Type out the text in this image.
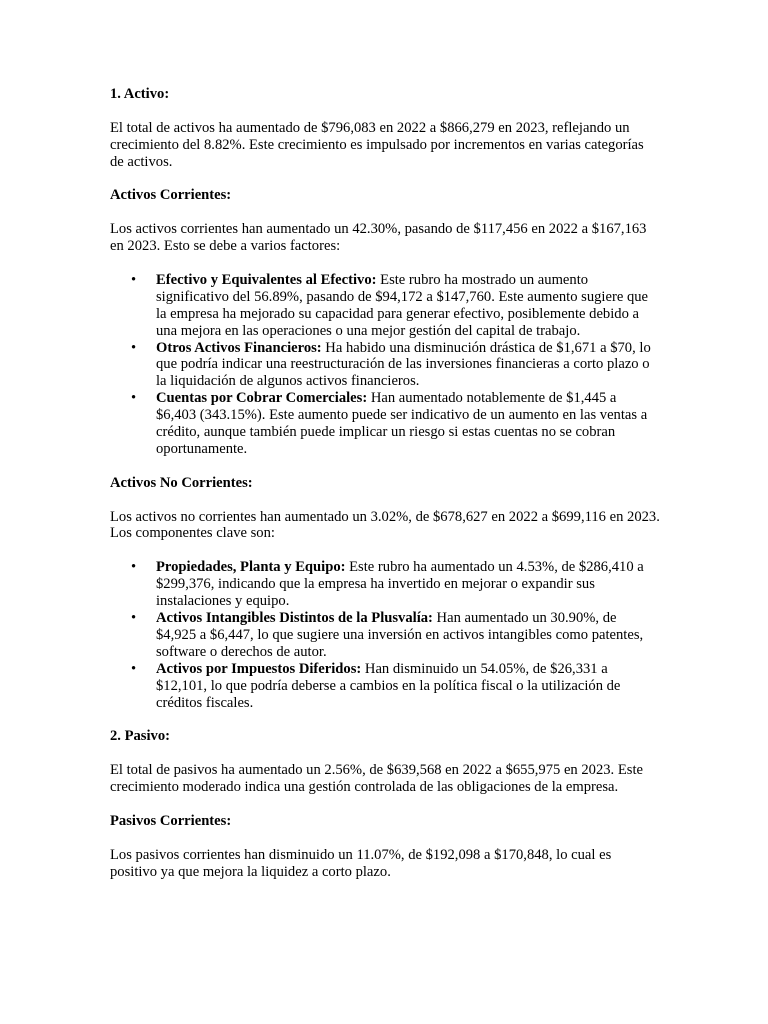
1. Activo:

El total de activos ha aumentado de $796,083 en 2022 a $866,279 en 2023, reflejando un crecimiento del 8.82%. Este crecimiento es impulsado por incrementos en varias categorías de activos.

Activos Corrientes:

Los activos corrientes han aumentado un 42.30%, pasando de $117,456 en 2022 a $167,163 en 2023. Esto se debe a varios factores:

• Efectivo y Equivalentes al Efectivo: Este rubro ha mostrado un aumento significativo del 56.89%, pasando de $94,172 a $147,760. Este aumento sugiere que la empresa ha mejorado su capacidad para generar efectivo, posiblemente debido a una mejora en las operaciones o una mejor gestión del capital de trabajo.
• Otros Activos Financieros: Ha habido una disminución drástica de $1,671 a $70, lo que podría indicar una reestructuración de las inversiones financieras a corto plazo o la liquidación de algunos activos financieros.
• Cuentas por Cobrar Comerciales: Han aumentado notablemente de $1,445 a $6,403 (343.15%). Este aumento puede ser indicativo de un aumento en las ventas a crédito, aunque también puede implicar un riesgo si estas cuentas no se cobran oportunamente.

Activos No Corrientes:

Los activos no corrientes han aumentado un 3.02%, de $678,627 en 2022 a $699,116 en 2023. Los componentes clave son:

• Propiedades, Planta y Equipo: Este rubro ha aumentado un 4.53%, de $286,410 a $299,376, indicando que la empresa ha invertido en mejorar o expandir sus instalaciones y equipo.
• Activos Intangibles Distintos de la Plusvalía: Han aumentado un 30.90%, de $4,925 a $6,447, lo que sugiere una inversión en activos intangibles como patentes, software o derechos de autor.
• Activos por Impuestos Diferidos: Han disminuido un 54.05%, de $26,331 a $12,101, lo que podría deberse a cambios en la política fiscal o la utilización de créditos fiscales.

2. Pasivo:

El total de pasivos ha aumentado un 2.56%, de $639,568 en 2022 a $655,975 en 2023. Este crecimiento moderado indica una gestión controlada de las obligaciones de la empresa.

Pasivos Corrientes:

Los pasivos corrientes han disminuido un 11.07%, de $192,098 a $170,848, lo cual es positivo ya que mejora la liquidez a corto plazo.
